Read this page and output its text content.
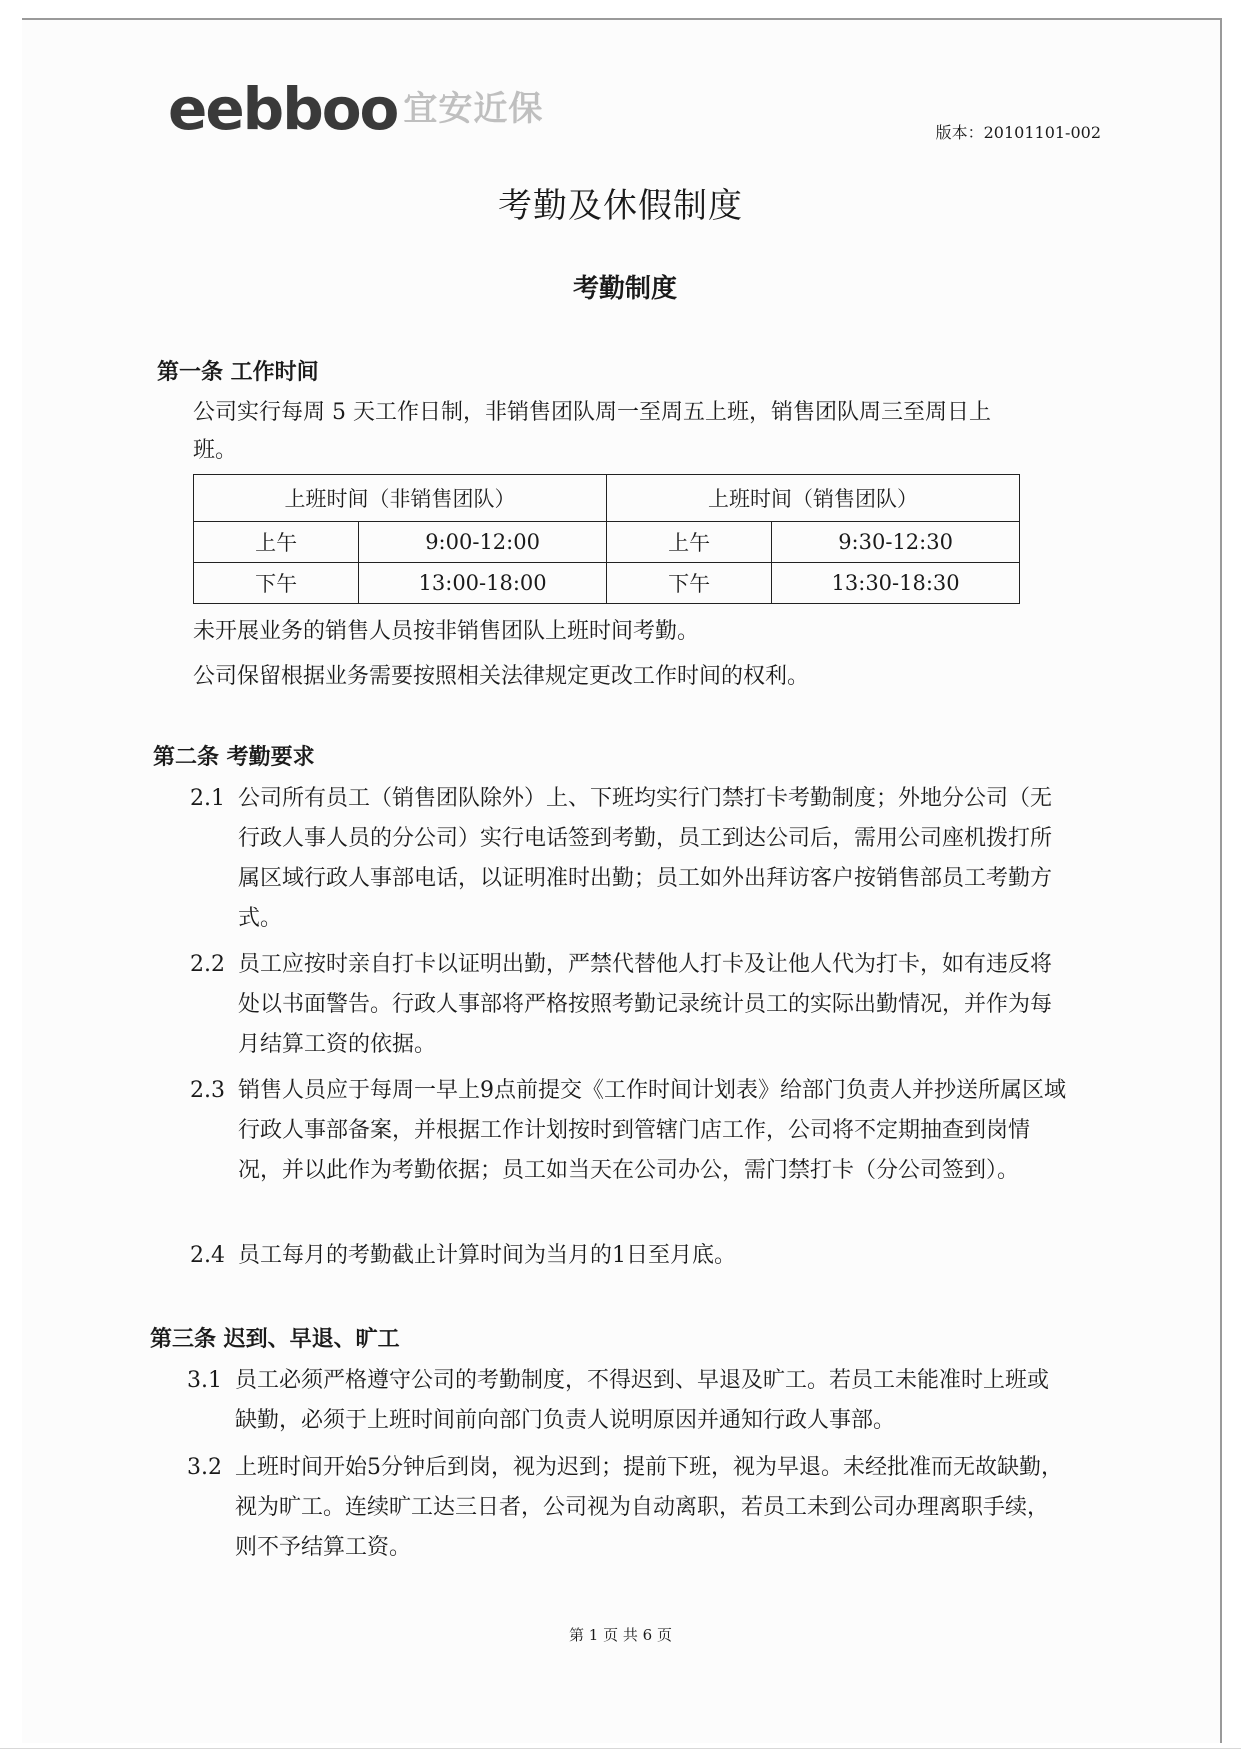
eebboo 宜安近保
版本：20101101-002
考勤及休假制度
考勤制度
第一条 工作时间
公司实行每周 5 天工作日制，非销售团队周一至周五上班，销售团队周三至周日上
班。
上班时间（非销售团队）		上班时间（销售团队）	
上午	9:00-12:00	上午	9:30-12:30
下午	13:00-18:00	下午	13:30-18:30
未开展业务的销售人员按非销售团队上班时间考勤。
公司保留根据业务需要按照相关法律规定更改工作时间的权利。
第二条 考勤要求
2.1 公司所有员工（销售团队除外）上、下班均实行门禁打卡考勤制度；外地分公司（无行政人事人员的分公司）实行电话签到考勤，员工到达公司后，需用公司座机拨打所属区域行政人事部电话，以证明准时出勤；员工如外出拜访客户按销售部员工考勤方式。
2.2 员工应按时亲自打卡以证明出勤，严禁代替他人打卡及让他人代为打卡，如有违反将处以书面警告。行政人事部将严格按照考勤记录统计员工的实际出勤情况，并作为每月结算工资的依据。
2.3 销售人员应于每周一早上9点前提交《工作时间计划表》给部门负责人并抄送所属区域行政人事部备案，并根据工作计划按时到管辖门店工作，公司将不定期抽查到岗情况，并以此作为考勤依据；员工如当天在公司办公，需门禁打卡（分公司签到）。
2.4 员工每月的考勤截止计算时间为当月的1日至月底。
第三条 迟到、早退、旷工
3.1 员工必须严格遵守公司的考勤制度，不得迟到、早退及旷工。若员工未能准时上班或缺勤，必须于上班时间前向部门负责人说明原因并通知行政人事部。
3.2 上班时间开始5分钟后到岗，视为迟到；提前下班，视为早退。未经批准而无故缺勤，视为旷工。连续旷工达三日者，公司视为自动离职，若员工未到公司办理离职手续，则不予结算工资。
第 1 页 共 6 页
